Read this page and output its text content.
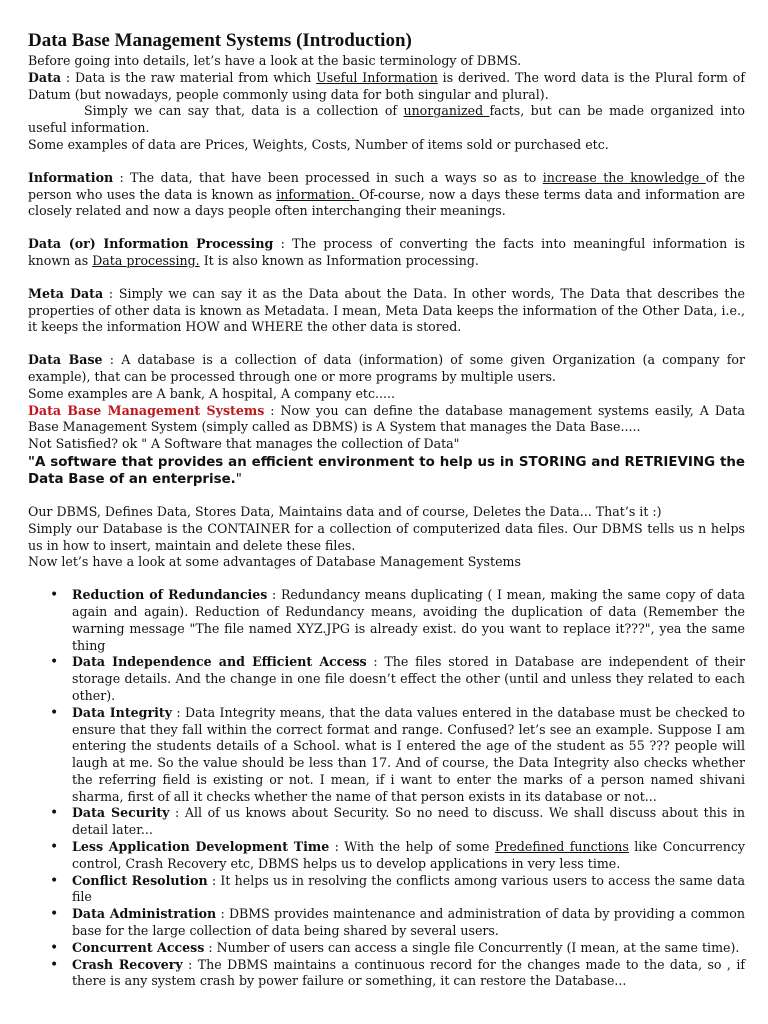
Data Base Management Systems (Introduction)

Before going into details, let’s have a look at the basic terminology of DBMS.

Data : Data is the raw material from which Useful Information is derived. The word data is the Plural form of Datum (but nowadays, people commonly using data for both singular and plural).

Simply we can say that, data is a collection of unorganized facts, but can be made organized into useful information.

Some examples of data are Prices, Weights, Costs, Number of items sold or purchased etc.

Information : The data, that have been processed in such a ways so as to increase the knowledge of the person who uses the data is known as information. Of-course, now a days these terms data and information are closely related and now a days people often interchanging their meanings.

Data (or) Information Processing : The process of converting the facts into meaningful information is known as Data processing. It is also known as Information processing.

Meta Data : Simply we can say it as the Data about the Data. In other words, The Data that describes the properties of other data is known as Metadata. I mean, Meta Data keeps the information of the Other Data, i.e., it keeps the information HOW and WHERE the other data is stored.

Data Base : A database is a collection of data (information) of some given Organization (a company for example), that can be processed through one or more programs by multiple users.

Some examples are A bank, A hospital, A company etc.....

Data Base Management Systems : Now you can define the database management systems easily, A Data Base Management System (simply called as DBMS) is A System that manages the Data Base.....

Not Satisfied? ok " A Software that manages the collection of Data"

"A software that provides an efficient environment to help us in STORING and RETRIEVING the Data Base of an enterprise."

Our DBMS, Defines Data, Stores Data, Maintains data and of course, Deletes the Data... That’s it :)

Simply our Database is the CONTAINER for a collection of computerized data files. Our DBMS tells us n helps us in how to insert, maintain and delete these files.

Now let’s have a look at some advantages of Database Management Systems

• Reduction of Redundancies : Redundancy means duplicating ( I mean, making the same copy of data again and again). Reduction of Redundancy means, avoiding the duplication of data (Remember the warning message "The file named XYZ.JPG is already exist. do you want to replace it???", yea the same thing
• Data Independence and Efficient Access : The files stored in Database are independent of their storage details. And the change in one file doesn’t effect the other (until and unless they related to each other).
• Data Integrity : Data Integrity means, that the data values entered in the database must be checked to ensure that they fall within the correct format and range. Confused? let’s see an example. Suppose I am entering the students details of a School. what is I entered the age of the student as 55 ??? people will laugh at me. So the value should be less than 17. And of course, the Data Integrity also checks whether the referring field is existing or not. I mean, if i want to enter the marks of a person named shivani sharma, first of all it checks whether the name of that person exists in its database or not...
• Data Security : All of us knows about Security. So no need to discuss. We shall discuss about this in detail later...
• Less Application Development Time : With the help of some Predefined functions like Concurrency control, Crash Recovery etc, DBMS helps us to develop applications in very less time.
• Conflict Resolution : It helps us in resolving the conflicts among various users to access the same data file
• Data Administration : DBMS provides maintenance and administration of data by providing a common base for the large collection of data being shared by several users.
• Concurrent Access : Number of users can access a single file Concurrently (I mean, at the same time).
• Crash Recovery : The DBMS maintains a continuous record for the changes made to the data, so , if there is any system crash by power failure or something, it can restore the Database...
